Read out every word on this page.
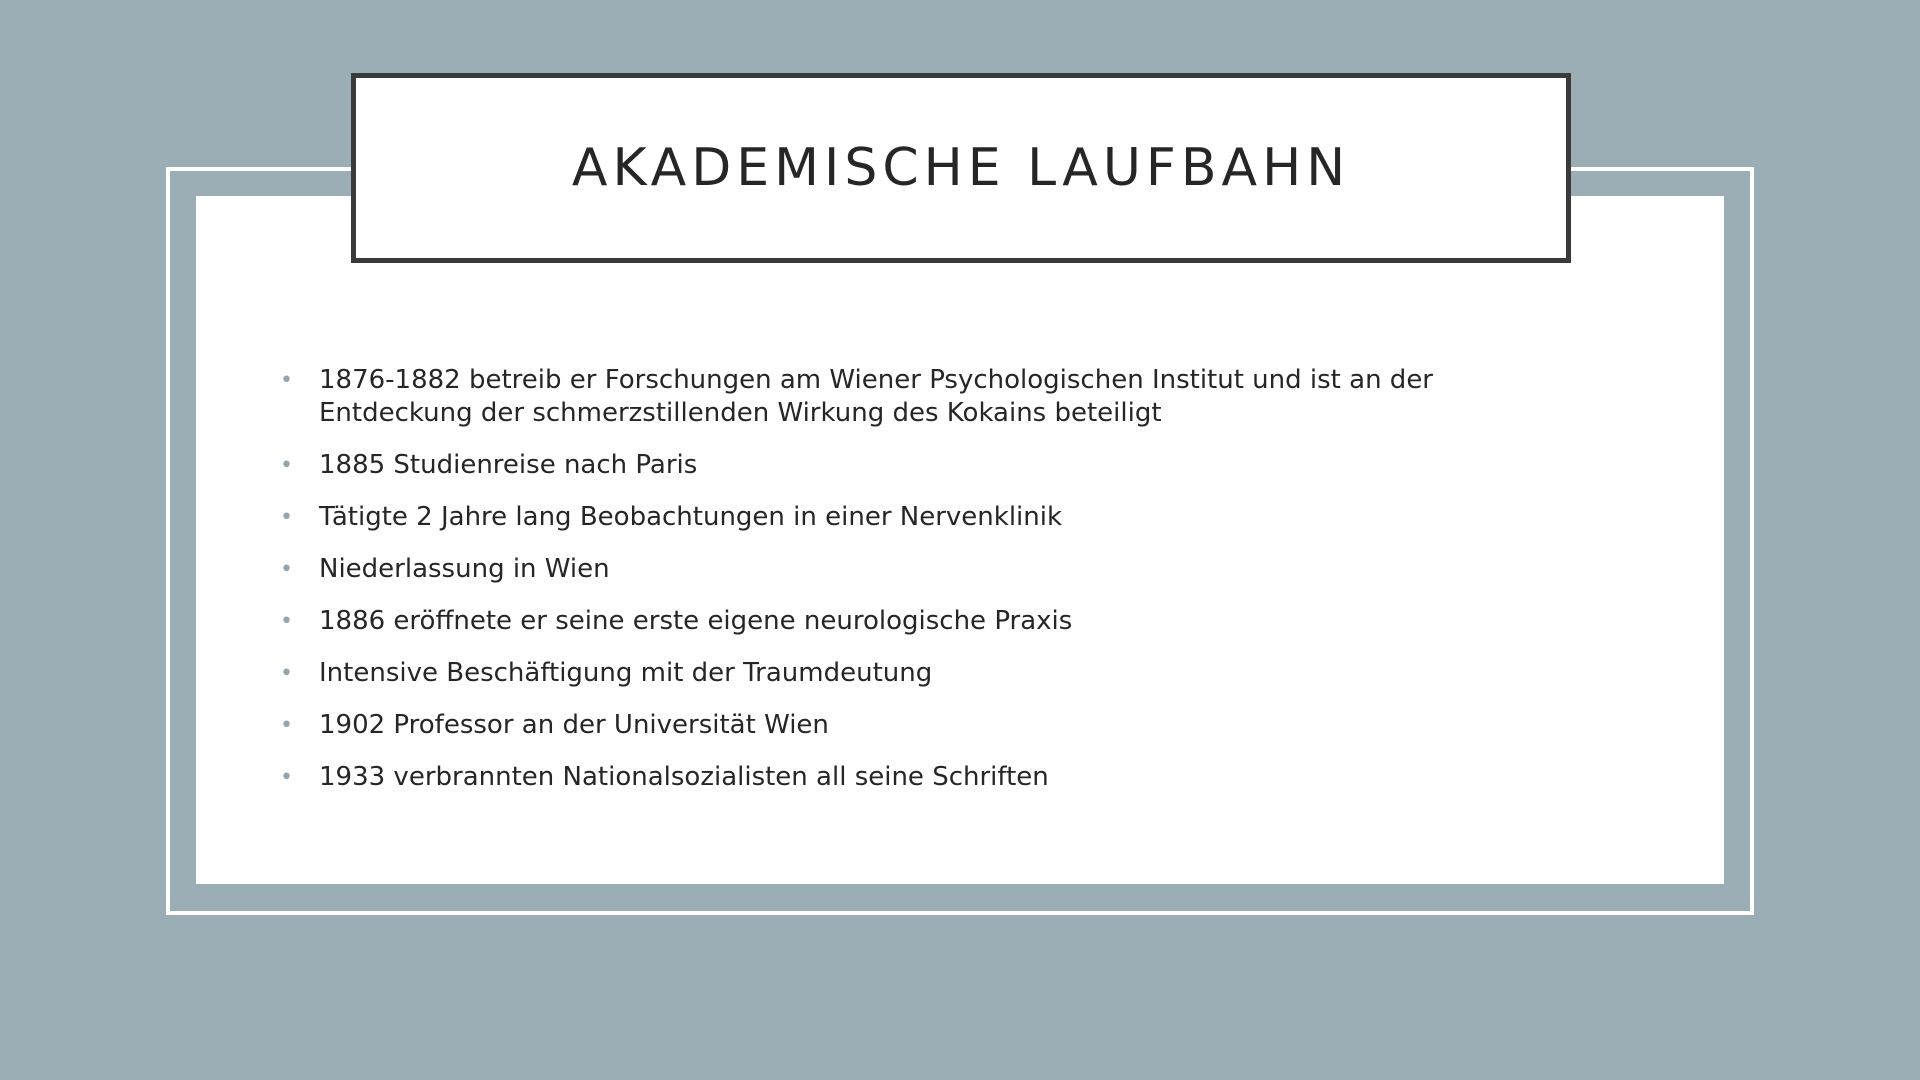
AKADEMISCHE LAUFBAHN
• 1876-1882 betreib er Forschungen am Wiener Psychologischen Institut und ist an der Entdeckung der schmerzstillenden Wirkung des Kokains beteiligt
• 1885 Studienreise nach Paris
• Tätigte 2 Jahre lang Beobachtungen in einer Nervenklinik
• Niederlassung in Wien
• 1886 eröffnete er seine erste eigene neurologische Praxis
• Intensive Beschäftigung mit der Traumdeutung
• 1902 Professor an der Universität Wien
• 1933 verbrannten Nationalsozialisten all seine Schriften
